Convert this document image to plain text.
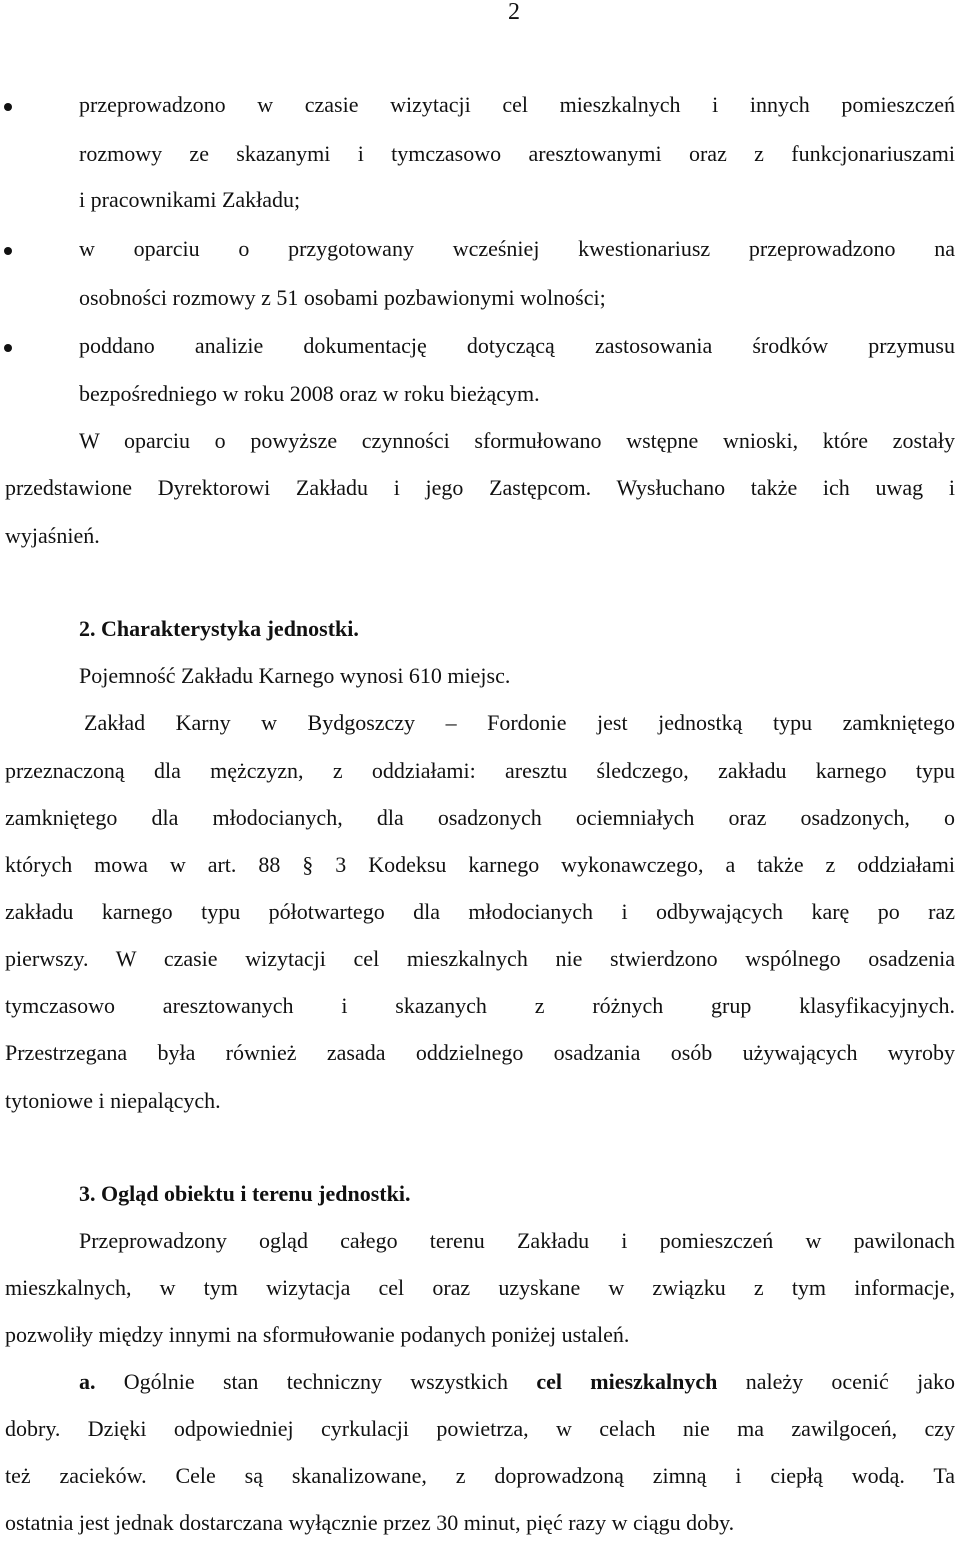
2
przeprowadzono w czasie wizytacji cel mieszkalnych i innych pomieszczeń
rozmowy ze skazanymi i tymczasowo aresztowanymi oraz z funkcjonariuszami
i pracownikami Zakładu;
w oparciu o przygotowany wcześniej kwestionariusz przeprowadzono na
osobności rozmowy z 51 osobami pozbawionymi wolności;
poddano analizie dokumentację dotyczącą zastosowania środków przymusu
bezpośredniego w roku 2008 oraz w roku bieżącym.
W oparciu o powyższe czynności sformułowano wstępne wnioski, które zostały
przedstawione Dyrektorowi Zakładu i jego Zastępcom. Wysłuchano także ich uwag i
wyjaśnień.
2. Charakterystyka jednostki.
Pojemność Zakładu Karnego wynosi 610 miejsc.
Zakład Karny w Bydgoszczy – Fordonie jest jednostką typu zamkniętego
przeznaczoną dla mężczyzn, z oddziałami: aresztu śledczego, zakładu karnego typu
zamkniętego dla młodocianych, dla osadzonych ociemniałych oraz osadzonych, o
których mowa w art. 88 § 3 Kodeksu karnego wykonawczego, a także z oddziałami
zakładu karnego typu półotwartego dla młodocianych i odbywających karę po raz
pierwszy. W czasie wizytacji cel mieszkalnych nie stwierdzono wspólnego osadzenia
tymczasowo aresztowanych i skazanych z różnych grup klasyfikacyjnych.
Przestrzegana była również zasada oddzielnego osadzania osób używających wyroby
tytoniowe i niepalących.
3. Ogląd obiektu i terenu jednostki.
Przeprowadzony ogląd całego terenu Zakładu i pomieszczeń w pawilonach
mieszkalnych, w tym wizytacja cel oraz uzyskane w związku z tym informacje,
pozwoliły między innymi na sformułowanie podanych poniżej ustaleń.
a. Ogólnie stan techniczny wszystkich cel mieszkalnych należy ocenić jako
dobry. Dzięki odpowiedniej cyrkulacji powietrza, w celach nie ma zawilgoceń, czy
też zacieków. Cele są skanalizowane, z doprowadzoną zimną i ciepłą wodą. Ta
ostatnia jest jednak dostarczana wyłącznie przez 30 minut, pięć razy w ciągu doby.
